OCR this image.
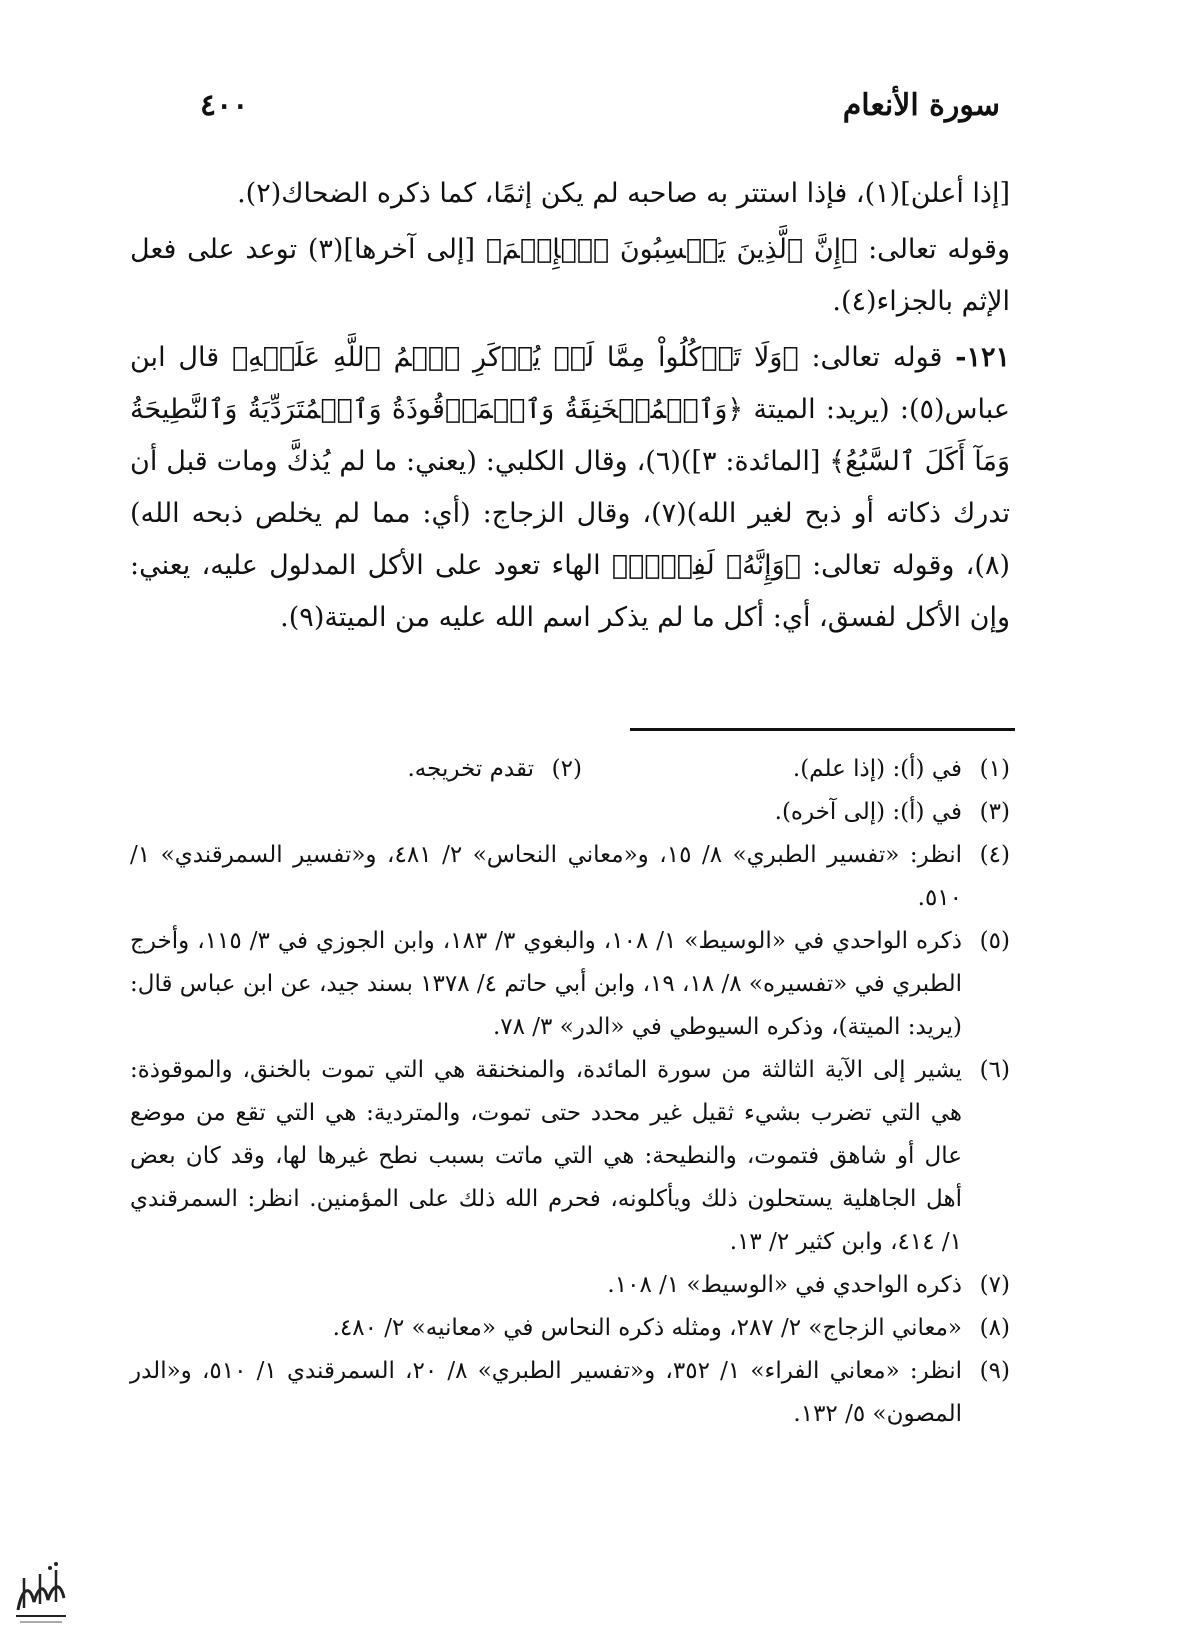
٤٠٠	سورة الأنعام

[إذا أعلن](١)، فإذا استتر به صاحبه لم يكن إثمًا، كما ذكره الضحاك(٢).

وقوله تعالى: ﴿إِنَّ ٱلَّذِينَ يَكۡسِبُونَ ٱلۡإِثۡمَ﴾ [إلى آخرها](٣) توعد على فعل الإثم بالجزاء(٤).

١٢١- قوله تعالى: ﴿وَلَا تَأۡكُلُواْ مِمَّا لَمۡ يُذۡكَرِ ٱسۡمُ ٱللَّهِ عَلَيۡهِ﴾ قال ابن عباس(٥): (يريد: الميتة ﴿وَٱلۡمُنۡخَنِقَةُ وَٱلۡمَوۡقُوذَةُ وَٱلۡمُتَرَدِّيَةُ وَٱلنَّطِيحَةُ وَمَآ أَكَلَ ٱلسَّبُعُ﴾ [المائدة: ٣])(٦)، وقال الكلبي: (يعني: ما لم يُذكَّ ومات قبل أن تدرك ذكاته أو ذبح لغير الله)(٧)، وقال الزجاج: (أي: مما لم يخلص ذبحه الله)(٨)، وقوله تعالى: ﴿وَإِنَّهُۥ لَفِسۡقٞ﴾ الهاء تعود على الأكل المدلول عليه، يعني: وإن الأكل لفسق، أي: أكل ما لم يذكر اسم الله عليه من الميتة(٩).

(١)
في (أ): (إذا علم).
(٢)
تقدم تخريجه.
(٣)
في (أ): (إلى آخره).
(٤)
انظر: «تفسير الطبري» ٨/ ١٥، و«معاني النحاس» ٢/ ٤٨١، و«تفسير السمرقندي» ١/ ٥١٠.
(٥)
ذكره الواحدي في «الوسيط» ١/ ١٠٨، والبغوي ٣/ ١٨٣، وابن الجوزي في ٣/ ١١٥، وأخرج الطبري في «تفسيره» ٨/ ١٨، ١٩، وابن أبي حاتم ٤/ ١٣٧٨ بسند جيد، عن ابن عباس قال: (يريد: الميتة)، وذكره السيوطي في «الدر» ٣/ ٧٨.
(٦)
يشير إلى الآية الثالثة من سورة المائدة، والمنخنقة هي التي تموت بالخنق، والموقوذة: هي التي تضرب بشيء ثقيل غير محدد حتى تموت، والمتردية: هي التي تقع من موضع عال أو شاهق فتموت، والنطيحة: هي التي ماتت بسبب نطح غيرها لها، وقد كان بعض أهل الجاهلية يستحلون ذلك ويأكلونه، فحرم الله ذلك على المؤمنين. انظر: السمرقندي ١/ ٤١٤، وابن كثير ٢/ ١٣.
(٧)
ذكره الواحدي في «الوسيط» ١/ ١٠٨.
(٨)
«معاني الزجاج» ٢/ ٢٨٧، ومثله ذكره النحاس في «معانيه» ٢/ ٤٨٠.
(٩)
انظر: «معاني الفراء» ١/ ٣٥٢، و«تفسير الطبري» ٨/ ٢٠، السمرقندي ١/ ٥١٠، و«الدر المصون» ٥/ ١٣٢.
